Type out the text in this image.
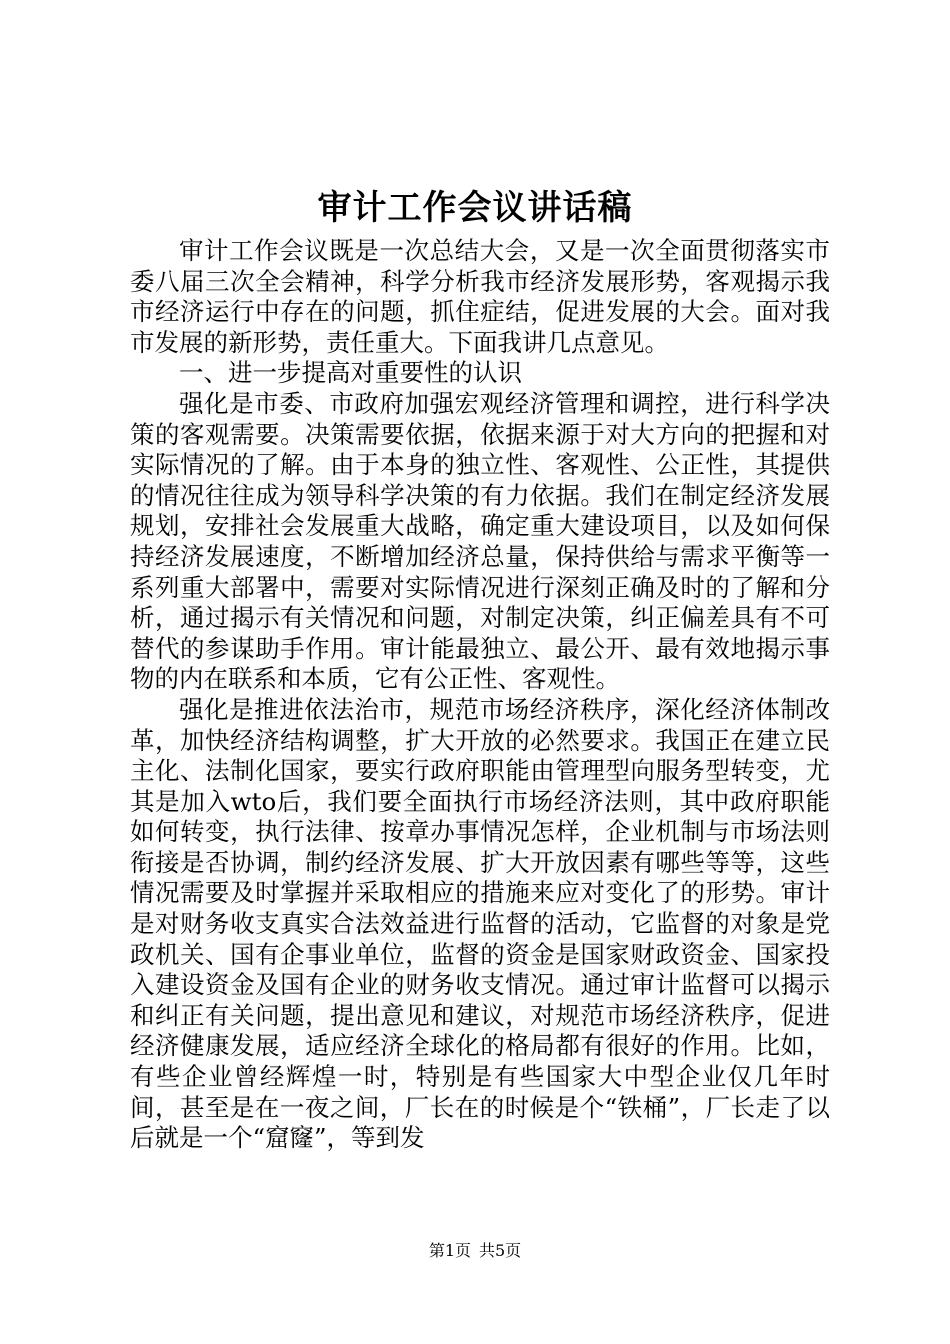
审计工作会议讲话稿

审计工作会议既是一次总结大会，又是一次全面贯彻落实市委八届三次全会精神，科学分析我市经济发展形势，客观揭示我市经济运行中存在的问题，抓住症结，促进发展的大会。面对我市发展的新形势，责任重大。下面我讲几点意见。

一、进一步提高对重要性的认识

强化是市委、市政府加强宏观经济管理和调控，进行科学决策的客观需要。决策需要依据，依据来源于对大方向的把握和对实际情况的了解。由于本身的独立性、客观性、公正性，其提供的情况往往成为领导科学决策的有力依据。我们在制定经济发展规划，安排社会发展重大战略，确定重大建设项目，以及如何保持经济发展速度，不断增加经济总量，保持供给与需求平衡等一系列重大部署中，需要对实际情况进行深刻正确及时的了解和分析，通过揭示有关情况和问题，对制定决策，纠正偏差具有不可替代的参谋助手作用。审计能最独立、最公开、最有效地揭示事物的内在联系和本质，它有公正性、客观性。

强化是推进依法治市，规范市场经济秩序，深化经济体制改革，加快经济结构调整，扩大开放的必然要求。我国正在建立民主化、法制化国家，要实行政府职能由管理型向服务型转变，尤其是加入wto后，我们要全面执行市场经济法则，其中政府职能如何转变，执行法律、按章办事情况怎样，企业机制与市场法则衔接是否协调，制约经济发展、扩大开放因素有哪些等等，这些情况需要及时掌握并采取相应的措施来应对变化了的形势。审计是对财务收支真实合法效益进行监督的活动，它监督的对象是党政机关、国有企事业单位，监督的资金是国家财政资金、国家投入建设资金及国有企业的财务收支情况。通过审计监督可以揭示和纠正有关问题，提出意见和建议，对规范市场经济秩序，促进经济健康发展，适应经济全球化的格局都有很好的作用。比如，有些企业曾经辉煌一时，特别是有些国家大中型企业仅几年时间，甚至是在一夜之间，厂长在的时候是个“铁桶”，厂长走了以后就是一个“窟窿”，等到发

第1页 共5页
